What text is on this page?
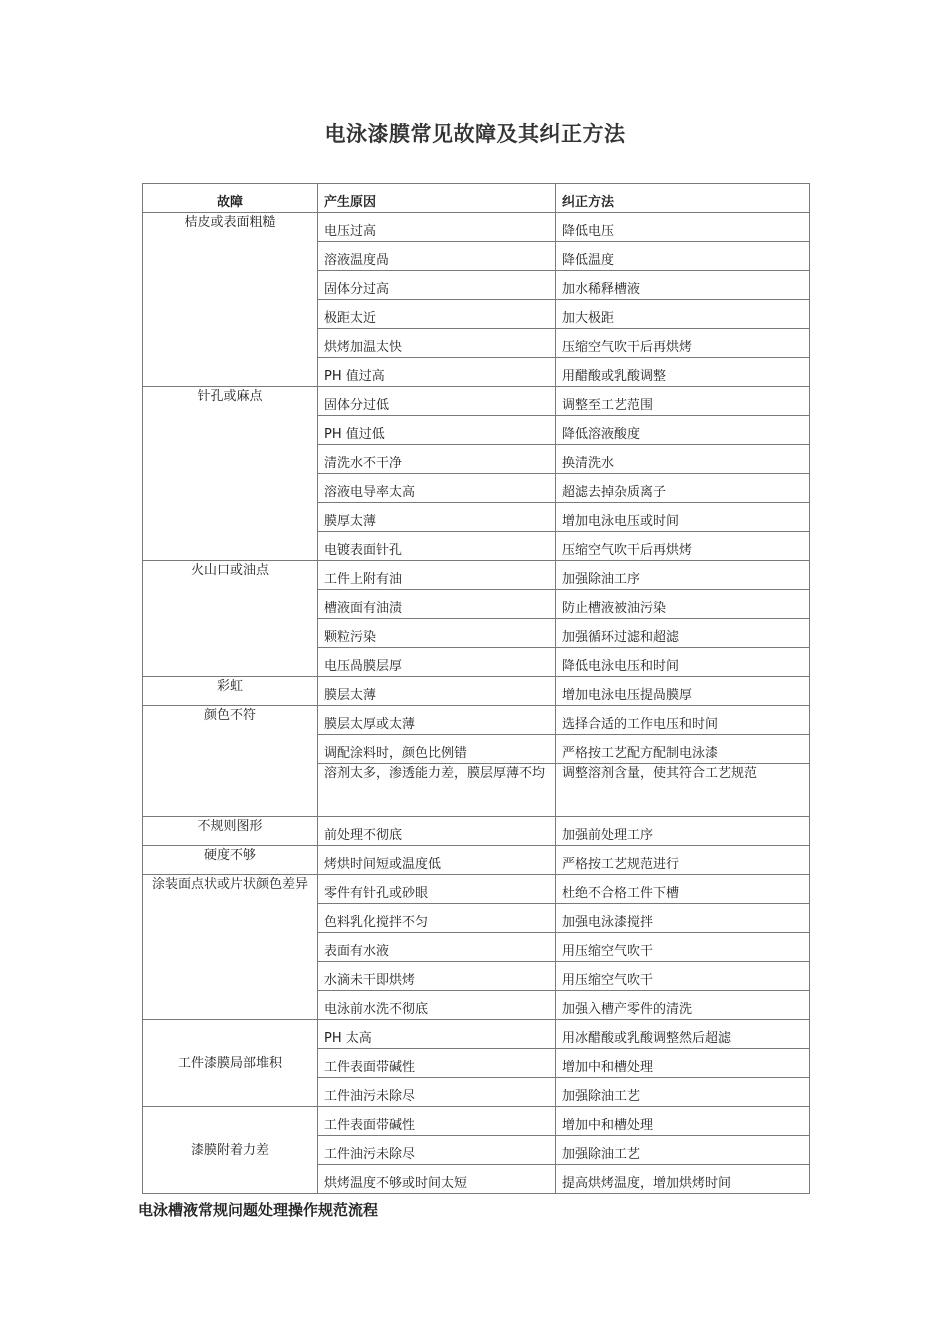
电泳漆膜常见故障及其纠正方法
故障	产生原因	纠正方法
桔皮或表面粗糙	电压过高	降低电压
	溶液温度咼	降低温度
	固体分过高	加水稀释槽液
	极距太近	加大极距
	烘烤加温太快	压缩空气吹干后再烘烤
	PH 值过高	用醋酸或乳酸调整
针孔或麻点	固体分过低	调整至工艺范围
	PH 值过低	降低溶液酸度
	清洗水不干净	换清洗水
	溶液电导率太高	超滤去掉杂质离子
	膜厚太薄	增加电泳电压或时间
	电镀表面针孔	压缩空气吹干后再烘烤
火山口或油点	工件上附有油	加强除油工序
	槽液面有油渍	防止槽液被油污染
	颗粒污染	加强循环过滤和超滤
	电压咼膜层厚	降低电泳电压和时间
彩虹	膜层太薄	增加电泳电压提咼膜厚
颜色不符	膜层太厚或太薄	选择合适的工作电压和时间
	调配涂料时，颜色比例错	严格按工艺配方配制电泳漆
	溶剂太多，渗透能力差，膜层厚薄不均	调整溶剂含量，使其符合工艺规范
不规则图形	前处理不彻底	加强前处理工序
硬度不够	烤烘时间短或温度低	严格按工艺规范进行
涂装面点状或片状颜色差异	零件有针孔或砂眼	杜绝不合格工件下槽
	色料乳化搅拌不匀	加强电泳漆搅拌
	表面有水液	用压缩空气吹干
	水滴未干即烘烤	用压缩空气吹干
	电泳前水洗不彻底	加强入槽产零件的清洗
工件漆膜局部堆积	PH 太高	用冰醋酸或乳酸调整然后超滤
	工件表面带碱性	增加中和槽处理
	工件油污未除尽	加强除油工艺
漆膜附着力差	工件表面带碱性	增加中和槽处理
	工件油污未除尽	加强除油工艺
	烘烤温度不够或时间太短	提高烘烤温度，增加烘烤时间
电泳槽液常规问题处理操作规范流程
